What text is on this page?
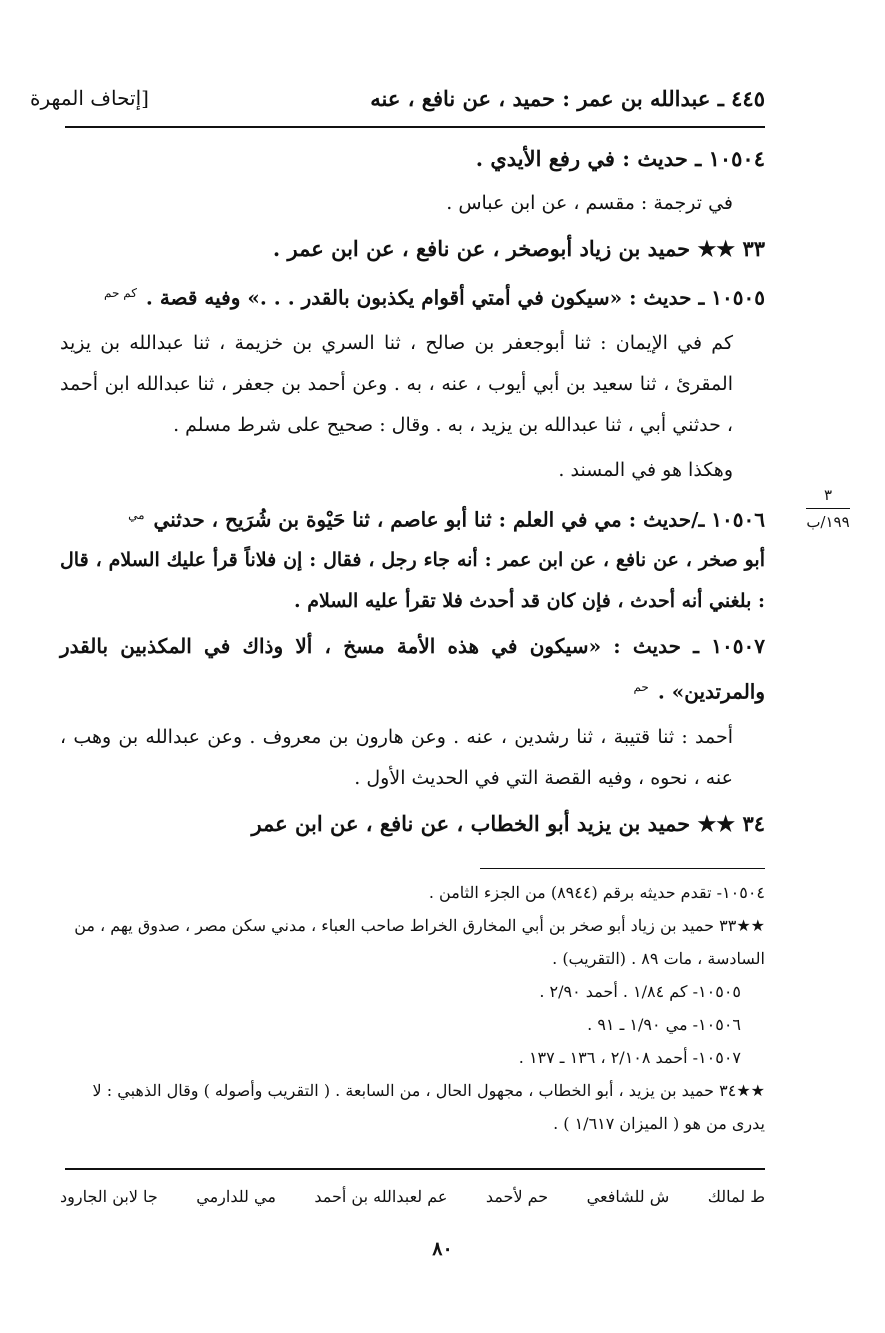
٤٤٥ ـ عبدالله بن عمر : حميد ، عن نافع ، عنه
[إتحاف المهرة

١٠٥٠٤ ـ حديث : في رفع الأيدي .

في ترجمة : مقسم ، عن ابن عباس .

٣٣ ★★ حميد بن زياد أبوصخر ، عن نافع ، عن ابن عمر .

١٠٥٠٥ ـ حديث : «سيكون في أمتي أقوام يكذبون بالقدر . . .» وفيه قصة . $^{كم حم}$

كم في الإيمان : ثنا أبوجعفر بن صالح ، ثنا السري بن خزيمة ، ثنا عبدالله بن يزيد المقرئ ، ثنا سعيد بن أبي أيوب ، عنه ، به . وعن أحمد بن جعفر ، ثنا عبدالله ابن أحمد ، حدثني أبي ، ثنا عبدالله بن يزيد ، به . وقال : صحيح على شرط مسلم .

وهكذا هو في المسند .

١٠٥٠٦ ـ/حديث : مي في العلم : ثنا أبو عاصم ، ثنا حَيْوة بن شُرَيح ، حدثني $^{مي}$

أبو صخر ، عن نافع ، عن ابن عمر : أنه جاء رجل ، فقال : إن فلاناً قرأ عليك السلام ، قال : بلغني أنه أحدث ، فإن كان قد أحدث فلا تقرأ عليه السلام .

١٠٥٠٧ ـ حديث : «سيكون في هذه الأمة مسخ ، ألا وذاك في المكذبين بالقدر والمرتدين» . $^{حم}$

أحمد : ثنا قتيبة ، ثنا رشدين ، عنه . وعن هارون بن معروف . وعن عبدالله بن وهب ، عنه ، نحوه ، وفيه القصة التي في الحديث الأول .

٣٤ ★★ حميد بن يزيد أبو الخطاب ، عن نافع ، عن ابن عمر

٣
١٩٩/ب

١٠٥٠٤- تقدم حديثه برقم (٨٩٤٤) من الجزء الثامن .

★★٣٣ حميد بن زياد أبو صخر بن أبي المخارق الخراط صاحب العباء ، مدني سكن مصر ، صدوق يهم ، من السادسة ، مات ٨٩ . (التقريب) .

١٠٥٠٥- كم ١/٨٤ . أحمد ٢/٩٠ .

١٠٥٠٦- مي ١/٩٠ ـ ٩١ .

١٠٥٠٧- أحمد ٢/١٠٨ ، ١٣٦ ـ ١٣٧ .

★★٣٤ حميد بن يزيد ، أبو الخطاب ، مجهول الحال ، من السابعة . ( التقريب وأصوله ) وقال الذهبي : لا يدرى من هو ( الميزان ١/٦١٧ ) .

ط لمالك
ش للشافعي
حم لأحمد
عم لعبدالله بن أحمد
مي للدارمي
جا لابن الجارود
٨٠
